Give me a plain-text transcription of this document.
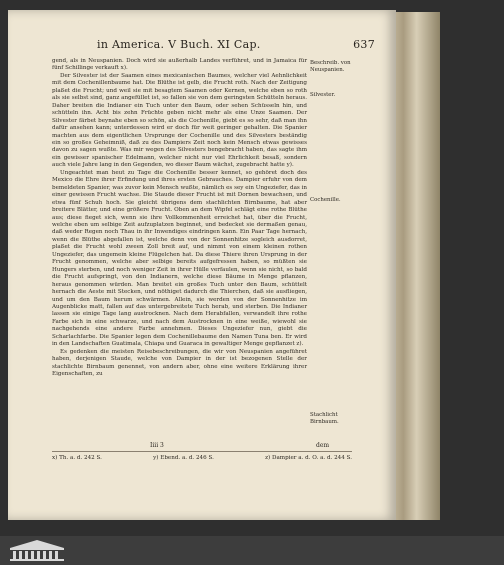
in America. V Buch. XI Cap.	637

gend, als in Neuspanien. Doch wird sie außerhalb Landes verführet, und in Jamaica für fünf Schillinge verkauft x).

Der Silvester ist der Saamen eines mexicanischen Baumes, welcher viel Aehnlichkeit mit dem Cochenillenbaume hat. Die Blüthe ist gelb, die Frucht roth. Nach der Zeitigung plaßet die Frucht; und weil sie mit besagtem Saamen oder Kernen, welche eben so roth als sie selbst sind, ganz angefüllet ist, so fallen sie von dem geringsten Schütteln heraus. Daher breiten die Indianer ein Tuch unter den Baum, oder sehen Schüsseln hin, und schütteln ihn. Acht bis zehn Früchte geben nicht mehr als eine Unze Saamen. Der Silvester färbet beynahe eben so schön, als die Cochenille, giebt es so sehr, daß man ihn dafür ansehen kann; unterdessen wird er doch für weit geringer gehalten. Die Spanier machten aus dem eigentlichen Ursprunge der Cochenille und des Silvesters beständig ein so großes Geheimniß, daß zu des Dampiers Zeit noch kein Mensch etwas gewisses davon zu sagen wußte. Was mir wegen des Silvesters bengebracht haben, das sagte ihm ein gewisser spanischer Edelmann, welcher nicht nur viel Ehrlichkeit besaß, sondern auch viele Jahre lang in den Gegenden, wo dieser Baum wächst, zugebracht hatte y).

Ungeachtet man heut zu Tage die Cochenille besser kennet, so gehöret doch des Mexico die Ehre ihrer Erfindung und ihres ersten Gebrauches. Dampier erfuhr von dem bemeldeten Spanier, was zuvor kein Mensch wußte, nämlich es sey ein Ungeziefer, das in einer gewissen Frucht wachse. Die Staude dieser Frucht ist mit Dornen bewachsen, und etwa fünf Schuh hoch. Sie gleicht übrigens dem stachlichten Birnbaume, hat aber breitere Blätter, und eine größere Frucht. Oben an dem Wipfel schlägt eine rothe Blüthe aus; diese fieget sich, wenn sie ihre Vollkommenheit erreichet hat, über die Frucht, welche eben um selbige Zeit aufzuplatzen beginnet, und bedecket sie dermaßen genau, daß weder Regen noch Thau in ihr Inwendiges eindringen kann. Ein Paar Tage hernach, wenn die Blüthe abgefallen ist, welche denn von der Sonnenhitze sogleich ausdorret, plaßet die Frucht wohl zween Zoll breit auf, und nimmt von einem kleinen rothen Ungeziefer, das ungemein kleine Flügelchen hat. Da diese Thiere ihren Ursprung in der Frucht genommen, welche aber selbige bereits aufgefressen haben, so müßten sie Hungers sterben, und noch weniger Zeit in ihrer Hülle verfaulen, wenn sie nicht, so bald die Frucht aufspringt, von den Indianern, welche diese Bäume in Menge pflanzen, heraus genommen würden. Man breitet ein großes Tuch unter den Baum, schüttelt hernach die Aeste mit Stecken, und nöthiget dadurch die Thierchen, daß sie ausfliegen, und um den Baum herum schwärmen. Allein, sie werden von der Sonnenhitze im Augenblicke matt, fallen auf das untergebreitete Tuch herab, und sterben. Die Indianer lassen sie einige Tage lang austrocknen. Nach dem Herabfallen, verwandelt ihre rothe Farbe sich in eine schwarze, und nach dem Austrocknen in eine weiße, wiewohl sie nachgehends eine andere Farbe annehmen. Dieses Ungeziefer nun, giebt die Scharlachfarbe. Die Spanier legen dem Cochenillebaume den Namen Tuna ben. Er wird in den Landschaften Guatimala, Chiapa und Guaraca in gewaltiger Menge gepflanzet z).

Es gedenken die meisten Reisebeschreibungen, die wir von Neuspanien angeführet haben, derjenigen Staude, welche von Dampier in der ist bezogenen Stelle der stachlichte Birnbaum genennet, von andern aber, ohne eine weitere Erklärung ihrer Eigenschaften, zu

Beschreib. von Neuspanien.
Silvester.
Cochenille.
Stachlicht Birnbaum.
Iiii 3	dem
x) Th. a. d. 242 S.	y) Ebend. a. d. 246 S.	z) Dampier a. d. O. a. d. 244 S.
